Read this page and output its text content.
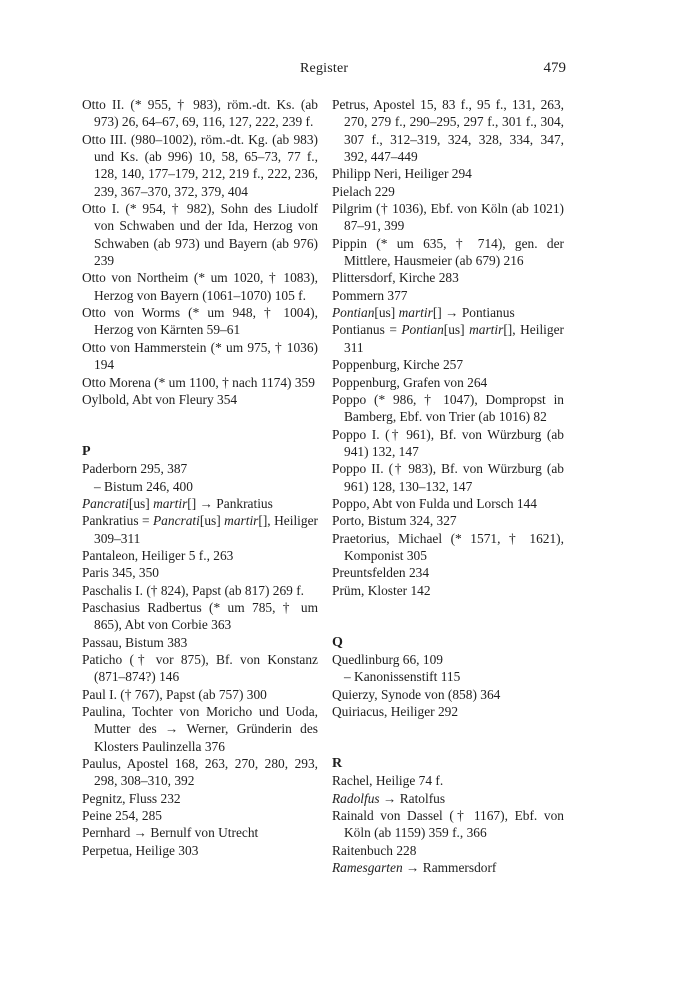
Register	479
Otto II. (* 955, † 983), röm.-dt. Ks. (ab 973) 26, 64–67, 69, 116, 127, 222, 239 f.
Otto III. (980–1002), röm.-dt. Kg. (ab 983) und Ks. (ab 996) 10, 58, 65–73, 77 f., 128, 140, 177–179, 212, 219 f., 222, 236, 239, 367–370, 372, 379, 404
Otto I. (* 954, † 982), Sohn des Liudolf von Schwaben und der Ida, Herzog von Schwaben (ab 973) und Bayern (ab 976) 239
Otto von Northeim (* um 1020, † 1083), Herzog von Bayern (1061–1070) 105 f.
Otto von Worms (* um 948, † 1004), Herzog von Kärnten 59–61
Otto von Hammerstein (* um 975, † 1036) 194
Otto Morena (* um 1100, † nach 1174) 359
Oylbold, Abt von Fleury 354
P
Paderborn 295, 387
– Bistum 246, 400
Pancrati[us] martir[] → Pankratius
Pankratius = Pancrati[us] martir[], Heiliger 309–311
Pantaleon, Heiliger 5 f., 263
Paris 345, 350
Paschalis I. († 824), Papst (ab 817) 269 f.
Paschasius Radbertus (* um 785, † um 865), Abt von Corbie 363
Passau, Bistum 383
Paticho († vor 875), Bf. von Konstanz (871–874?) 146
Paul I. († 767), Papst (ab 757) 300
Paulina, Tochter von Moricho und Uoda, Mutter des → Werner, Gründerin des Klosters Paulinzella 376
Paulus, Apostel 168, 263, 270, 280, 293, 298, 308–310, 392
Pegnitz, Fluss 232
Peine 254, 285
Pernhard → Bernulf von Utrecht
Perpetua, Heilige 303
Petrus, Apostel 15, 83 f., 95 f., 131, 263, 270, 279 f., 290–295, 297 f., 301 f., 304, 307 f., 312–319, 324, 328, 334, 347, 392, 447–449
Philipp Neri, Heiliger 294
Pielach 229
Pilgrim († 1036), Ebf. von Köln (ab 1021) 87–91, 399
Pippin (* um 635, † 714), gen. der Mittlere, Hausmeier (ab 679) 216
Plittersdorf, Kirche 283
Pommern 377
Pontian[us] martir[] → Pontianus
Pontianus = Pontian[us] martir[], Heiliger 311
Poppenburg, Kirche 257
Poppenburg, Grafen von 264
Poppo (* 986, † 1047), Dompropst in Bamberg, Ebf. von Trier (ab 1016) 82
Poppo I. († 961), Bf. von Würzburg (ab 941) 132, 147
Poppo II. († 983), Bf. von Würzburg (ab 961) 128, 130–132, 147
Poppo, Abt von Fulda und Lorsch 144
Porto, Bistum 324, 327
Praetorius, Michael (* 1571, † 1621), Komponist 305
Preuntsfelden 234
Prüm, Kloster 142
Q
Quedlinburg 66, 109
– Kanonissenstift 115
Quierzy, Synode von (858) 364
Quiriacus, Heiliger 292
R
Rachel, Heilige 74 f.
Radolfus → Ratolfus
Rainald von Dassel († 1167), Ebf. von Köln (ab 1159) 359 f., 366
Raitenbuch 228
Ramesgarten → Rammersdorf
